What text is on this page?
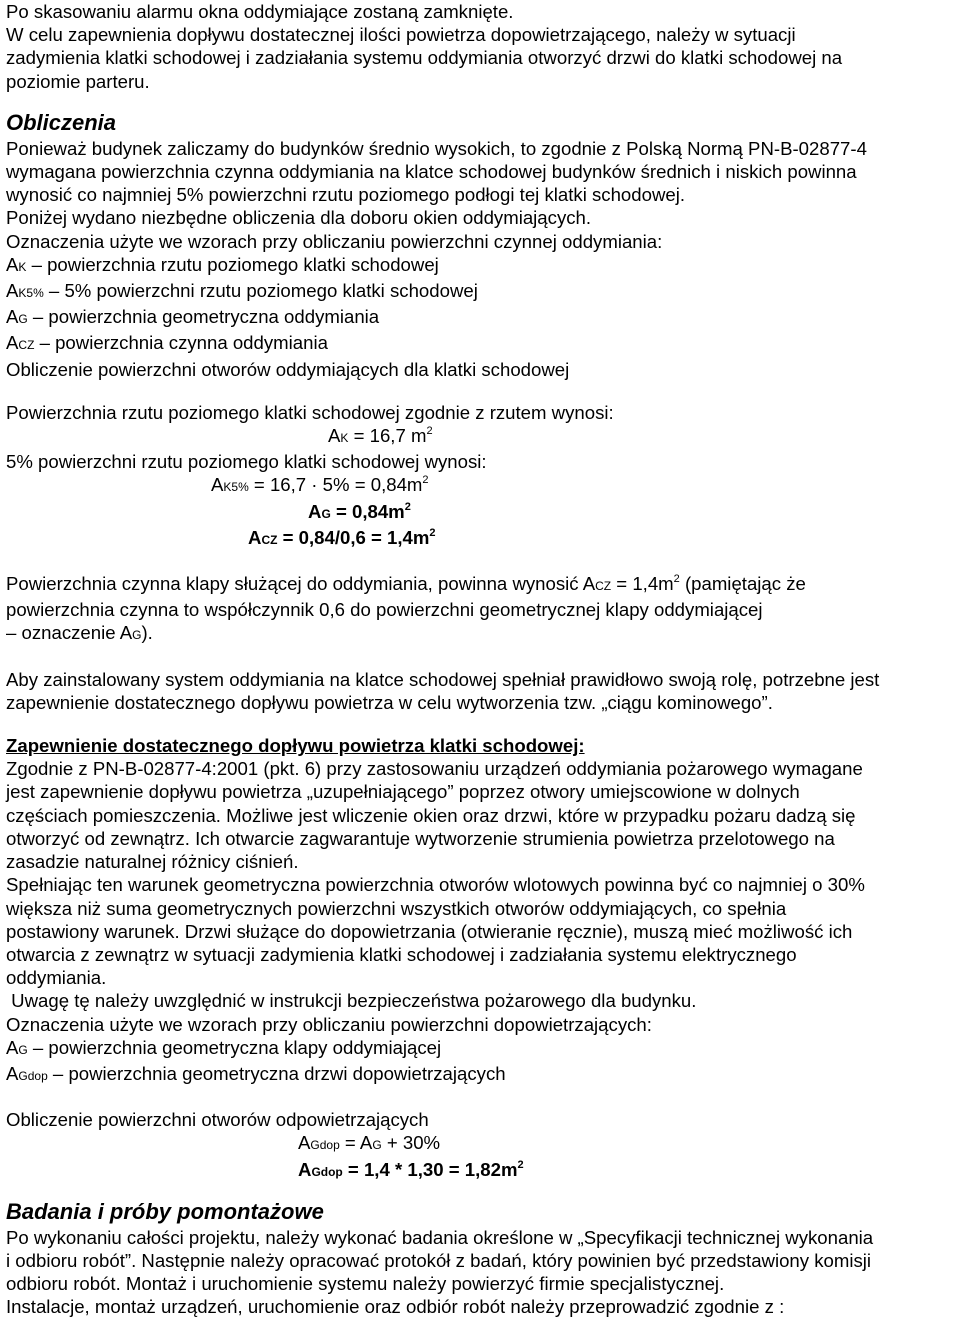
Po skasowaniu alarmu okna oddymiające zostaną zamknięte.

W celu zapewnienia dopływu dostatecznej ilości powietrza dopowietrzającego, należy w sytuacji

zadymienia klatki schodowej i zadziałania systemu oddymiania otworzyć drzwi do klatki schodowej na

poziomie parteru.

Obliczenia

Ponieważ budynek zaliczamy do budynków średnio wysokich, to zgodnie z Polską Normą PN-B-02877-4

wymagana powierzchnia czynna oddymiania na klatce schodowej budynków średnich i niskich powinna

wynosić co najmniej 5% powierzchni rzutu poziomego podłogi tej klatki schodowej.

Poniżej wydano niezbędne obliczenia dla doboru okien oddymiających.

Oznaczenia użyte we wzorach przy obliczaniu powierzchni czynnej oddymiania:

AK – powierzchnia rzutu poziomego klatki schodowej

AK5% – 5% powierzchni rzutu poziomego klatki schodowej

AG – powierzchnia geometryczna oddymiania

ACZ – powierzchnia czynna oddymiania

Obliczenie powierzchni otworów oddymiających dla klatki schodowej

Powierzchnia rzutu poziomego klatki schodowej zgodnie z rzutem wynosi:

AK = 16,7 $m^2$

5% powierzchni rzutu poziomego klatki schodowej wynosi:

$AK5\% = 16,7 \cdot 5\% = 0,84m^2$

AG = $0,84m^2$

ACZ = $0,84/0,6 = 1,4m^2$

Powierzchnia czynna klapy służącej do oddymiania, powinna wynosić ACZ = $1,4m^2$ (pamiętając że

powierzchnia czynna to współczynnik 0,6 do powierzchni geometrycznej klapy oddymiającej

– oznaczenie AG).

Aby zainstalowany system oddymiania na klatce schodowej spełniał prawidłowo swoją rolę, potrzebne jest

zapewnienie dostatecznego dopływu powietrza w celu wytworzenia tzw. „ciągu kominowego”.

Zapewnienie dostatecznego dopływu powietrza klatki schodowej:

Zgodnie z PN-B-02877-4:2001 (pkt. 6) przy zastosowaniu urządzeń oddymiania pożarowego wymagane

jest zapewnienie dopływu powietrza „uzupełniającego” poprzez otwory umiejscowione w dolnych

częściach pomieszczenia. Możliwe jest wliczenie okien oraz drzwi, które w przypadku pożaru dadzą się

otworzyć od zewnątrz. Ich otwarcie zagwarantuje wytworzenie strumienia powietrza przelotowego na

zasadzie naturalnej różnicy ciśnień.

Spełniając ten warunek geometryczna powierzchnia otworów wlotowych powinna być co najmniej o 30%

większa niż suma geometrycznych powierzchni wszystkich otworów oddymiających, co spełnia

postawiony warunek. Drzwi służące do dopowietrzania (otwieranie ręcznie), muszą mieć możliwość ich

otwarcia z zewnątrz w sytuacji zadymienia klatki schodowej i zadziałania systemu elektrycznego

oddymiania.

Uwagę tę należy uwzględnić w instrukcji bezpieczeństwa pożarowego dla budynku.

Oznaczenia użyte we wzorach przy obliczaniu powierzchni dopowietrzających:

AG – powierzchnia geometryczna klapy oddymiającej

AGdop – powierzchnia geometryczna drzwi dopowietrzających

Obliczenie powierzchni otworów odpowietrzających

AGdop = AG + 30%

AGdop = $1,4 * 1,30 = 1,82m^2$

Badania i próby pomontażowe

Po wykonaniu całości projektu, należy wykonać badania określone w „Specyfikacji technicznej wykonania

i odbioru robót”. Następnie należy opracować protokół z badań, który powinien być przedstawiony komisji

odbioru robót. Montaż i uruchomienie systemu należy powierzyć firmie specjalistycznej.

Instalacje, montaż urządzeń, uruchomienie oraz odbiór robót należy przeprowadzić zgodnie z :
